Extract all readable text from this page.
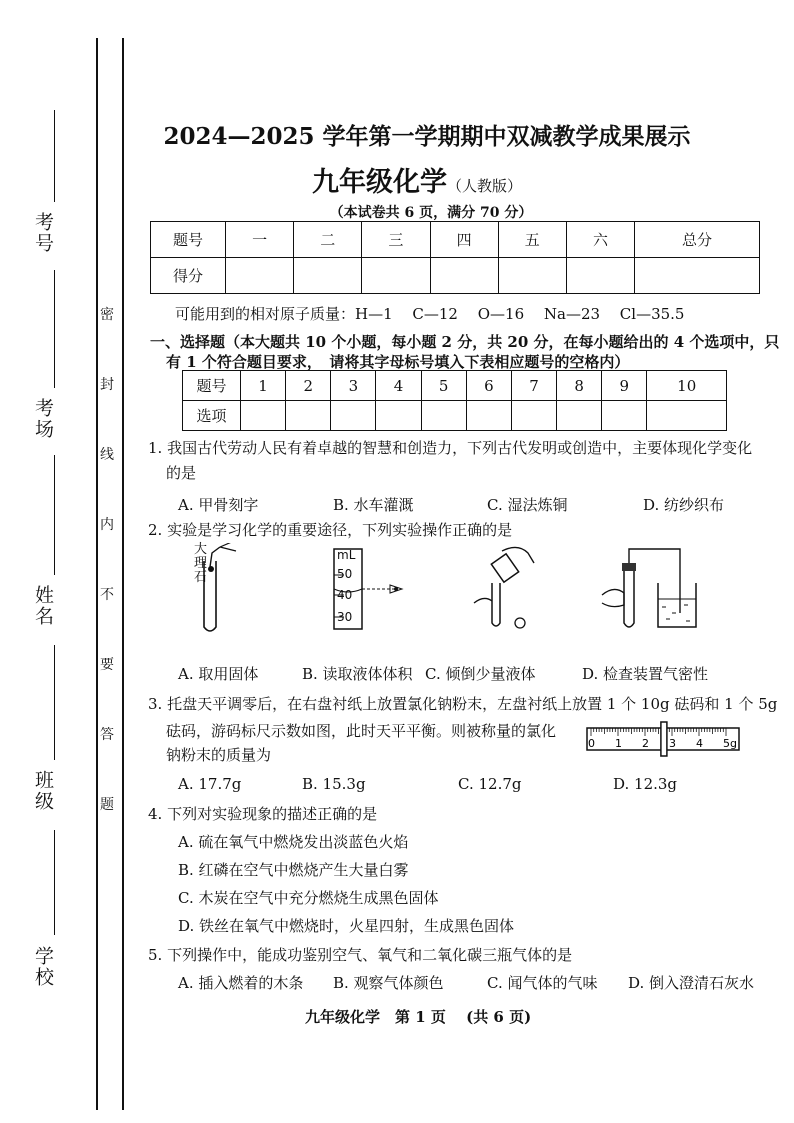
考号
考场
姓名
班级
学校
密
封
线
内
不
要
答
题
2024—2025 学年第一学期期中双减教学成果展示
九年级化学（人教版）
（本试卷共 6 页，满分 70 分）
题号	一	二	三	四	五	六	总分
得分							
可能用到的相对原子质量：H—1　 C—12　 O—16　 Na—23　 Cl—35.5
一、选择题（本大题共 10 个小题，每小题 2 分，共 20 分，在每小题给出的 4 个选项中，只
有 1 个符合题目要求，　请将其字母标号填入下表相应题号的空格内）
题号	1	2	3	4	5	6	7	8	9	10
选项										
1. 我国古代劳动人民有着卓越的智慧和创造力，下列古代发明或创造中，主要体现化学变化
的是
A. 甲骨刻字	B. 水车灌溉	C. 湿法炼铜	D. 纺纱织布
2. 实验是学习化学的重要途径，下列实验操作正确的是
大理石
mL
50
40
30
A. 取用固体	B. 读取液体体积 C. 倾倒少量液体	D. 检查装置气密性
3. 托盘天平调零后，在右盘衬纸上放置氯化钠粉末，左盘衬纸上放置 1 个 10g 砝码和 1 个 5g
砝码，游码标尺示数如图，此时天平平衡。则被称量的氯化
钠粉末的质量为
0 1 2 3 4 5g
A. 17.7g	B. 15.3g	C. 12.7g	D. 12.3g
4. 下列对实验现象的描述正确的是
A. 硫在氧气中燃烧发出淡蓝色火焰
B. 红磷在空气中燃烧产生大量白雾
C. 木炭在空气中充分燃烧生成黑色固体
D. 铁丝在氧气中燃烧时，火星四射，生成黑色固体
5. 下列操作中，能成功鉴别空气、氧气和二氧化碳三瓶气体的是
A. 插入燃着的木条 B. 观察气体颜色	C. 闻气体的气味 D. 倒入澄清石灰水
九年级化学　第 1 页　 (共 6 页)
